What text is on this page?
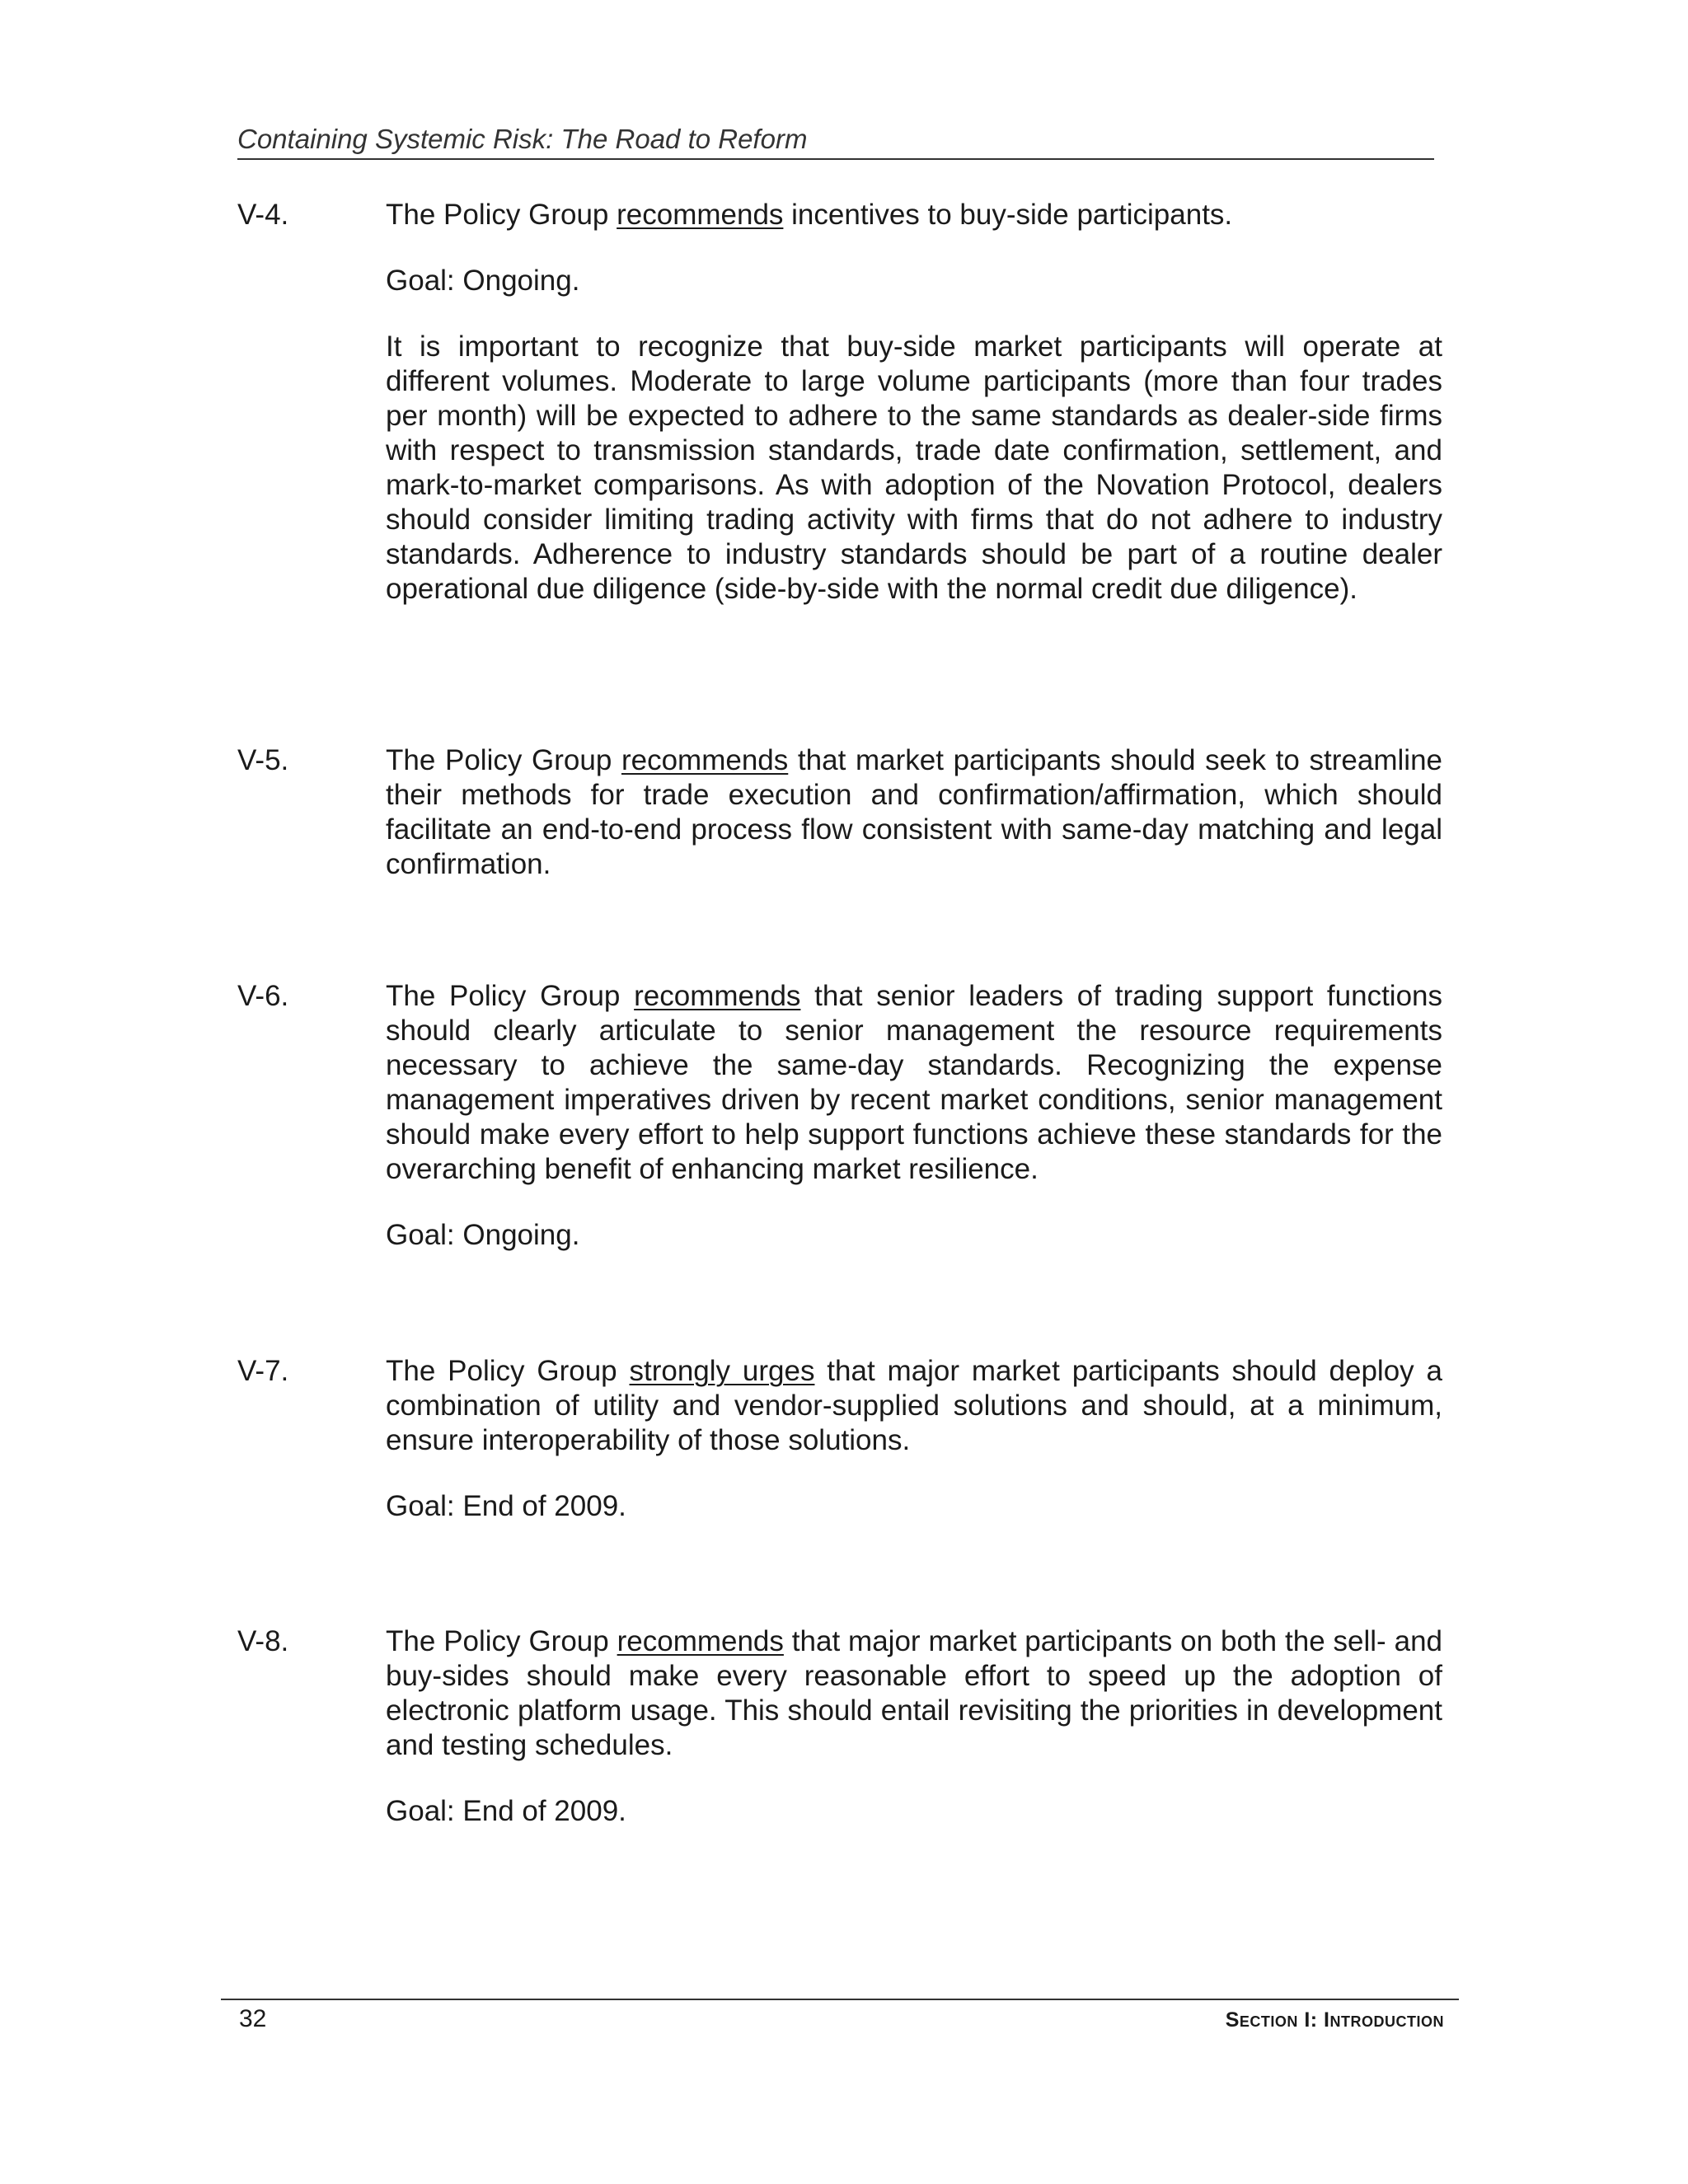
Containing Systemic Risk: The Road to Reform
V-4.	The Policy Group recommends incentives to buy-side participants.

Goal: Ongoing.

It is important to recognize that buy-side market participants will operate at different volumes. Moderate to large volume participants (more than four trades per month) will be expected to adhere to the same standards as dealer-side firms with respect to transmission standards, trade date confirmation, settlement, and mark-to-market comparisons. As with adoption of the Novation Protocol, dealers should consider limiting trading activity with firms that do not adhere to industry standards. Adherence to industry standards should be part of a routine dealer operational due diligence (side-by-side with the normal credit due diligence).

V-5.	The Policy Group recommends that market participants should seek to streamline their methods for trade execution and confirmation/affirmation, which should facilitate an end-to-end process flow consistent with same-day matching and legal confirmation.

V-6.	The Policy Group recommends that senior leaders of trading support functions should clearly articulate to senior management the resource requirements necessary to achieve the same-day standards. Recognizing the expense management imperatives driven by recent market conditions, senior management should make every effort to help support functions achieve these standards for the overarching benefit of enhancing market resilience.

Goal: Ongoing.

V-7.	The Policy Group strongly urges that major market participants should deploy a combination of utility and vendor-supplied solutions and should, at a minimum, ensure interoperability of those solutions.

Goal: End of 2009.

V-8.	The Policy Group recommends that major market participants on both the sell- and buy-sides should make every reasonable effort to speed up the adoption of electronic platform usage. This should entail revisiting the priorities in development and testing schedules.

Goal: End of 2009.

32	Section I: Introduction
